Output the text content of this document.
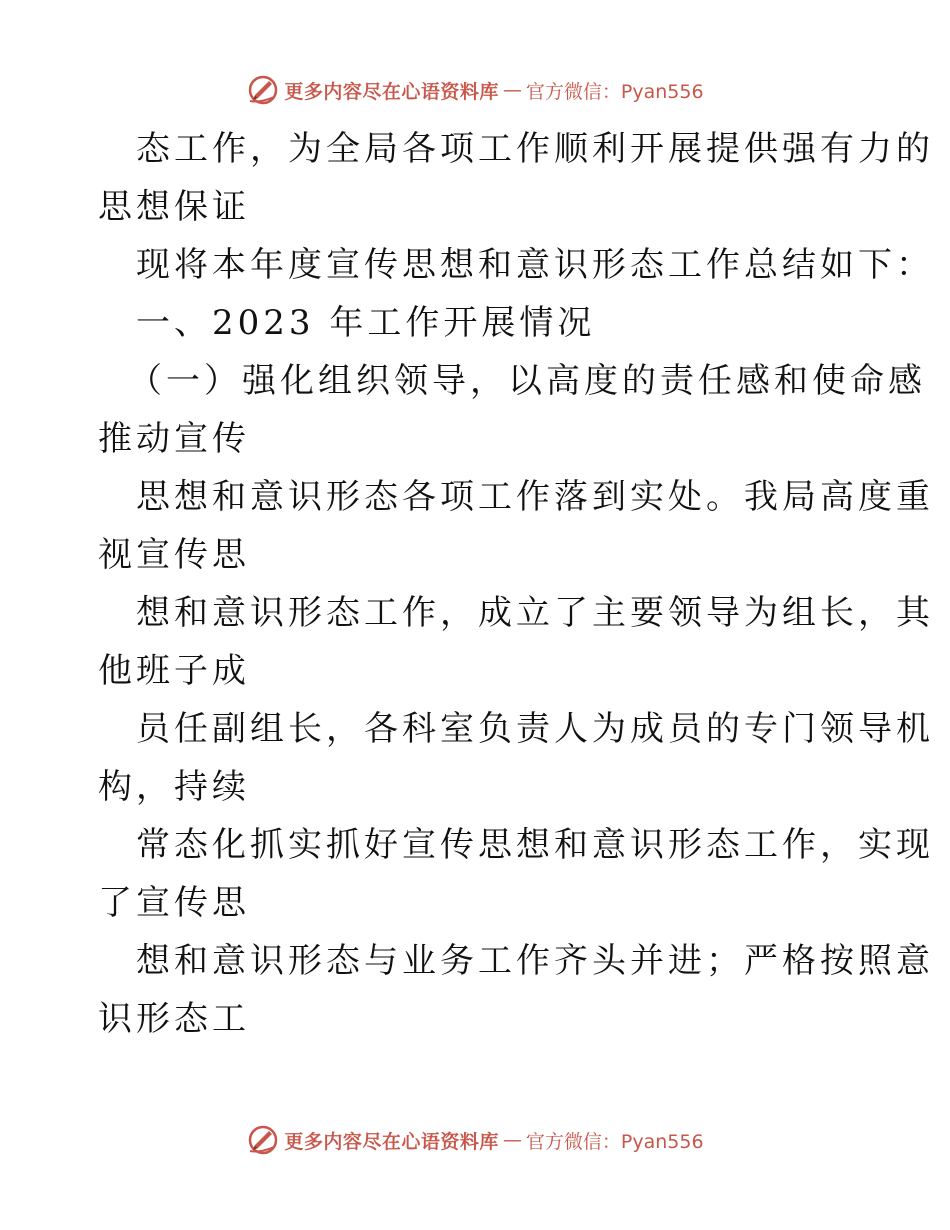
更多内容尽在心语资料库 — 官方微信：Pyan556
态工作，为全局各项工作顺利开展提供强有力的
思想保证
现将本年度宣传思想和意识形态工作总结如下：
一、2023 年工作开展情况
（一）强化组织领导，以高度的责任感和使命感
推动宣传
思想和意识形态各项工作落到实处。我局高度重
视宣传思
想和意识形态工作，成立了主要领导为组长，其
他班子成
员任副组长，各科室负责人为成员的专门领导机
构，持续
常态化抓实抓好宣传思想和意识形态工作，实现
了宣传思
想和意识形态与业务工作齐头并进；严格按照意
识形态工
更多内容尽在心语资料库 — 官方微信：Pyan556
